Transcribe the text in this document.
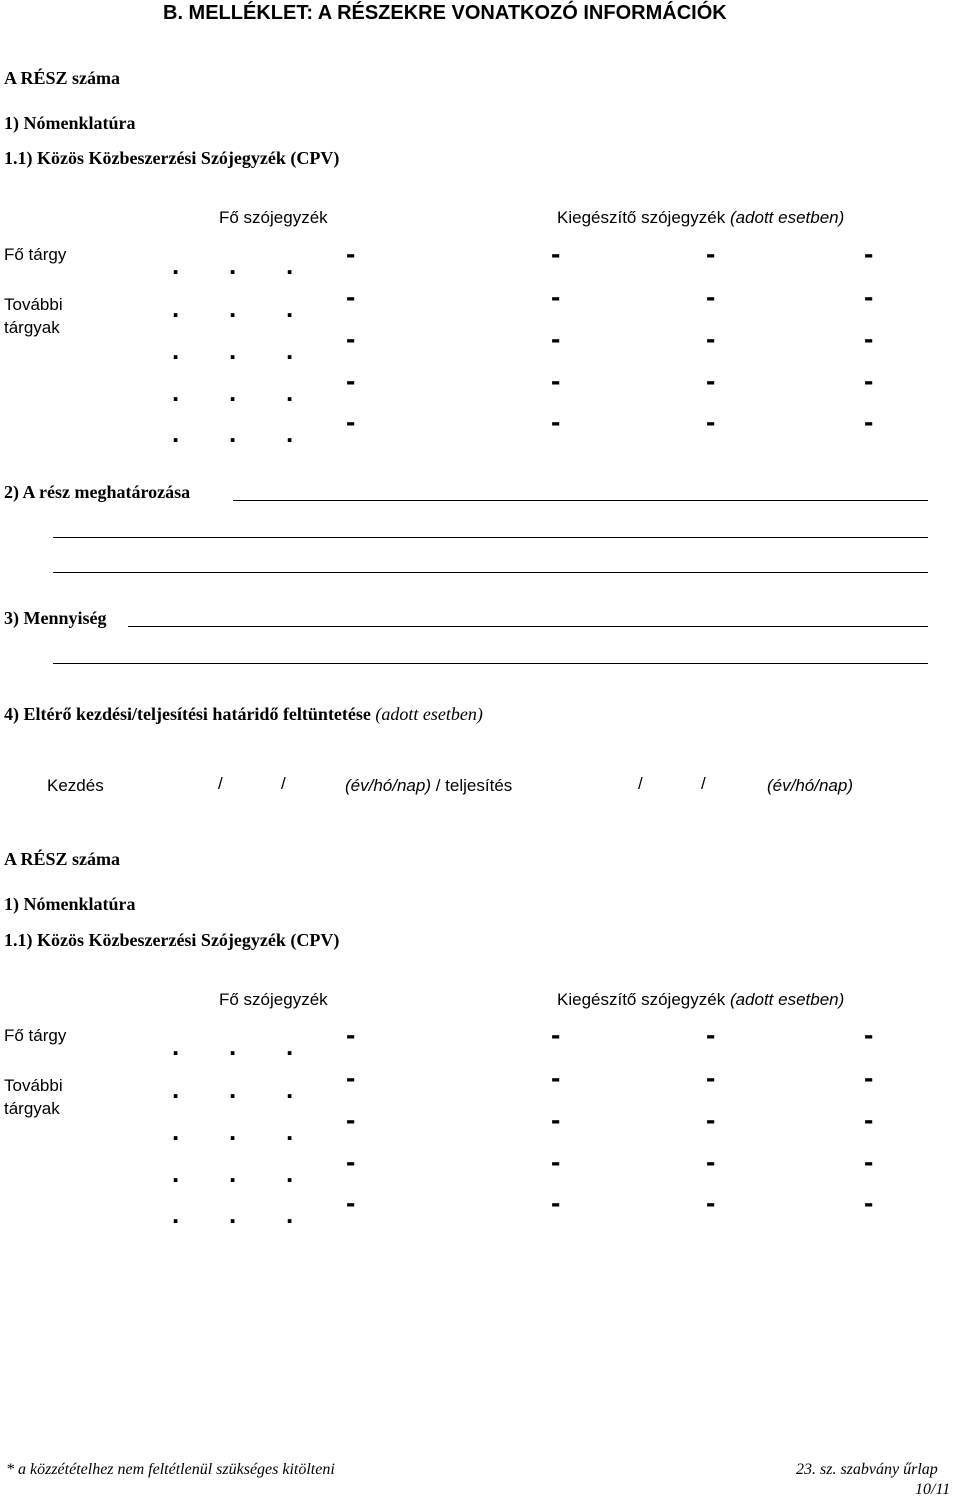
B. MELLÉKLET: A RÉSZEKRE VONATKOZÓ INFORMÁCIÓK
A RÉSZ száma
1) Nómenklatúra
1.1) Közös Közbeszerzési Szójegyzék (CPV)
Fő szójegyzék	Kiegészítő szójegyzék (adott esetben)
Fő tárgy
További
tárgyak
. . . -	-	-	-
. . . -	-	-	-
. . . -	-	-	-
. . . -	-	-	-
. . . -	-	-	-
2) A rész meghatározása
3) Mennyiség
4) Eltérő kezdési/teljesítési határidő feltüntetése (adott esetben)
Kezdés	/	/	(év/hó/nap) / teljesítés	/	/	(év/hó/nap)
A RÉSZ száma
1) Nómenklatúra
1.1) Közös Közbeszerzési Szójegyzék (CPV)
Fő szójegyzék	Kiegészítő szójegyzék (adott esetben)
Fő tárgy
További
tárgyak
. . . -	-	-	-
. . . -	-	-	-
. . . -	-	-	-
. . . -	-	-	-
. . . -	-	-	-
* a közzétételhez nem feltétlenül szükséges kitölteni	23. sz. szabvány űrlap
10/11
